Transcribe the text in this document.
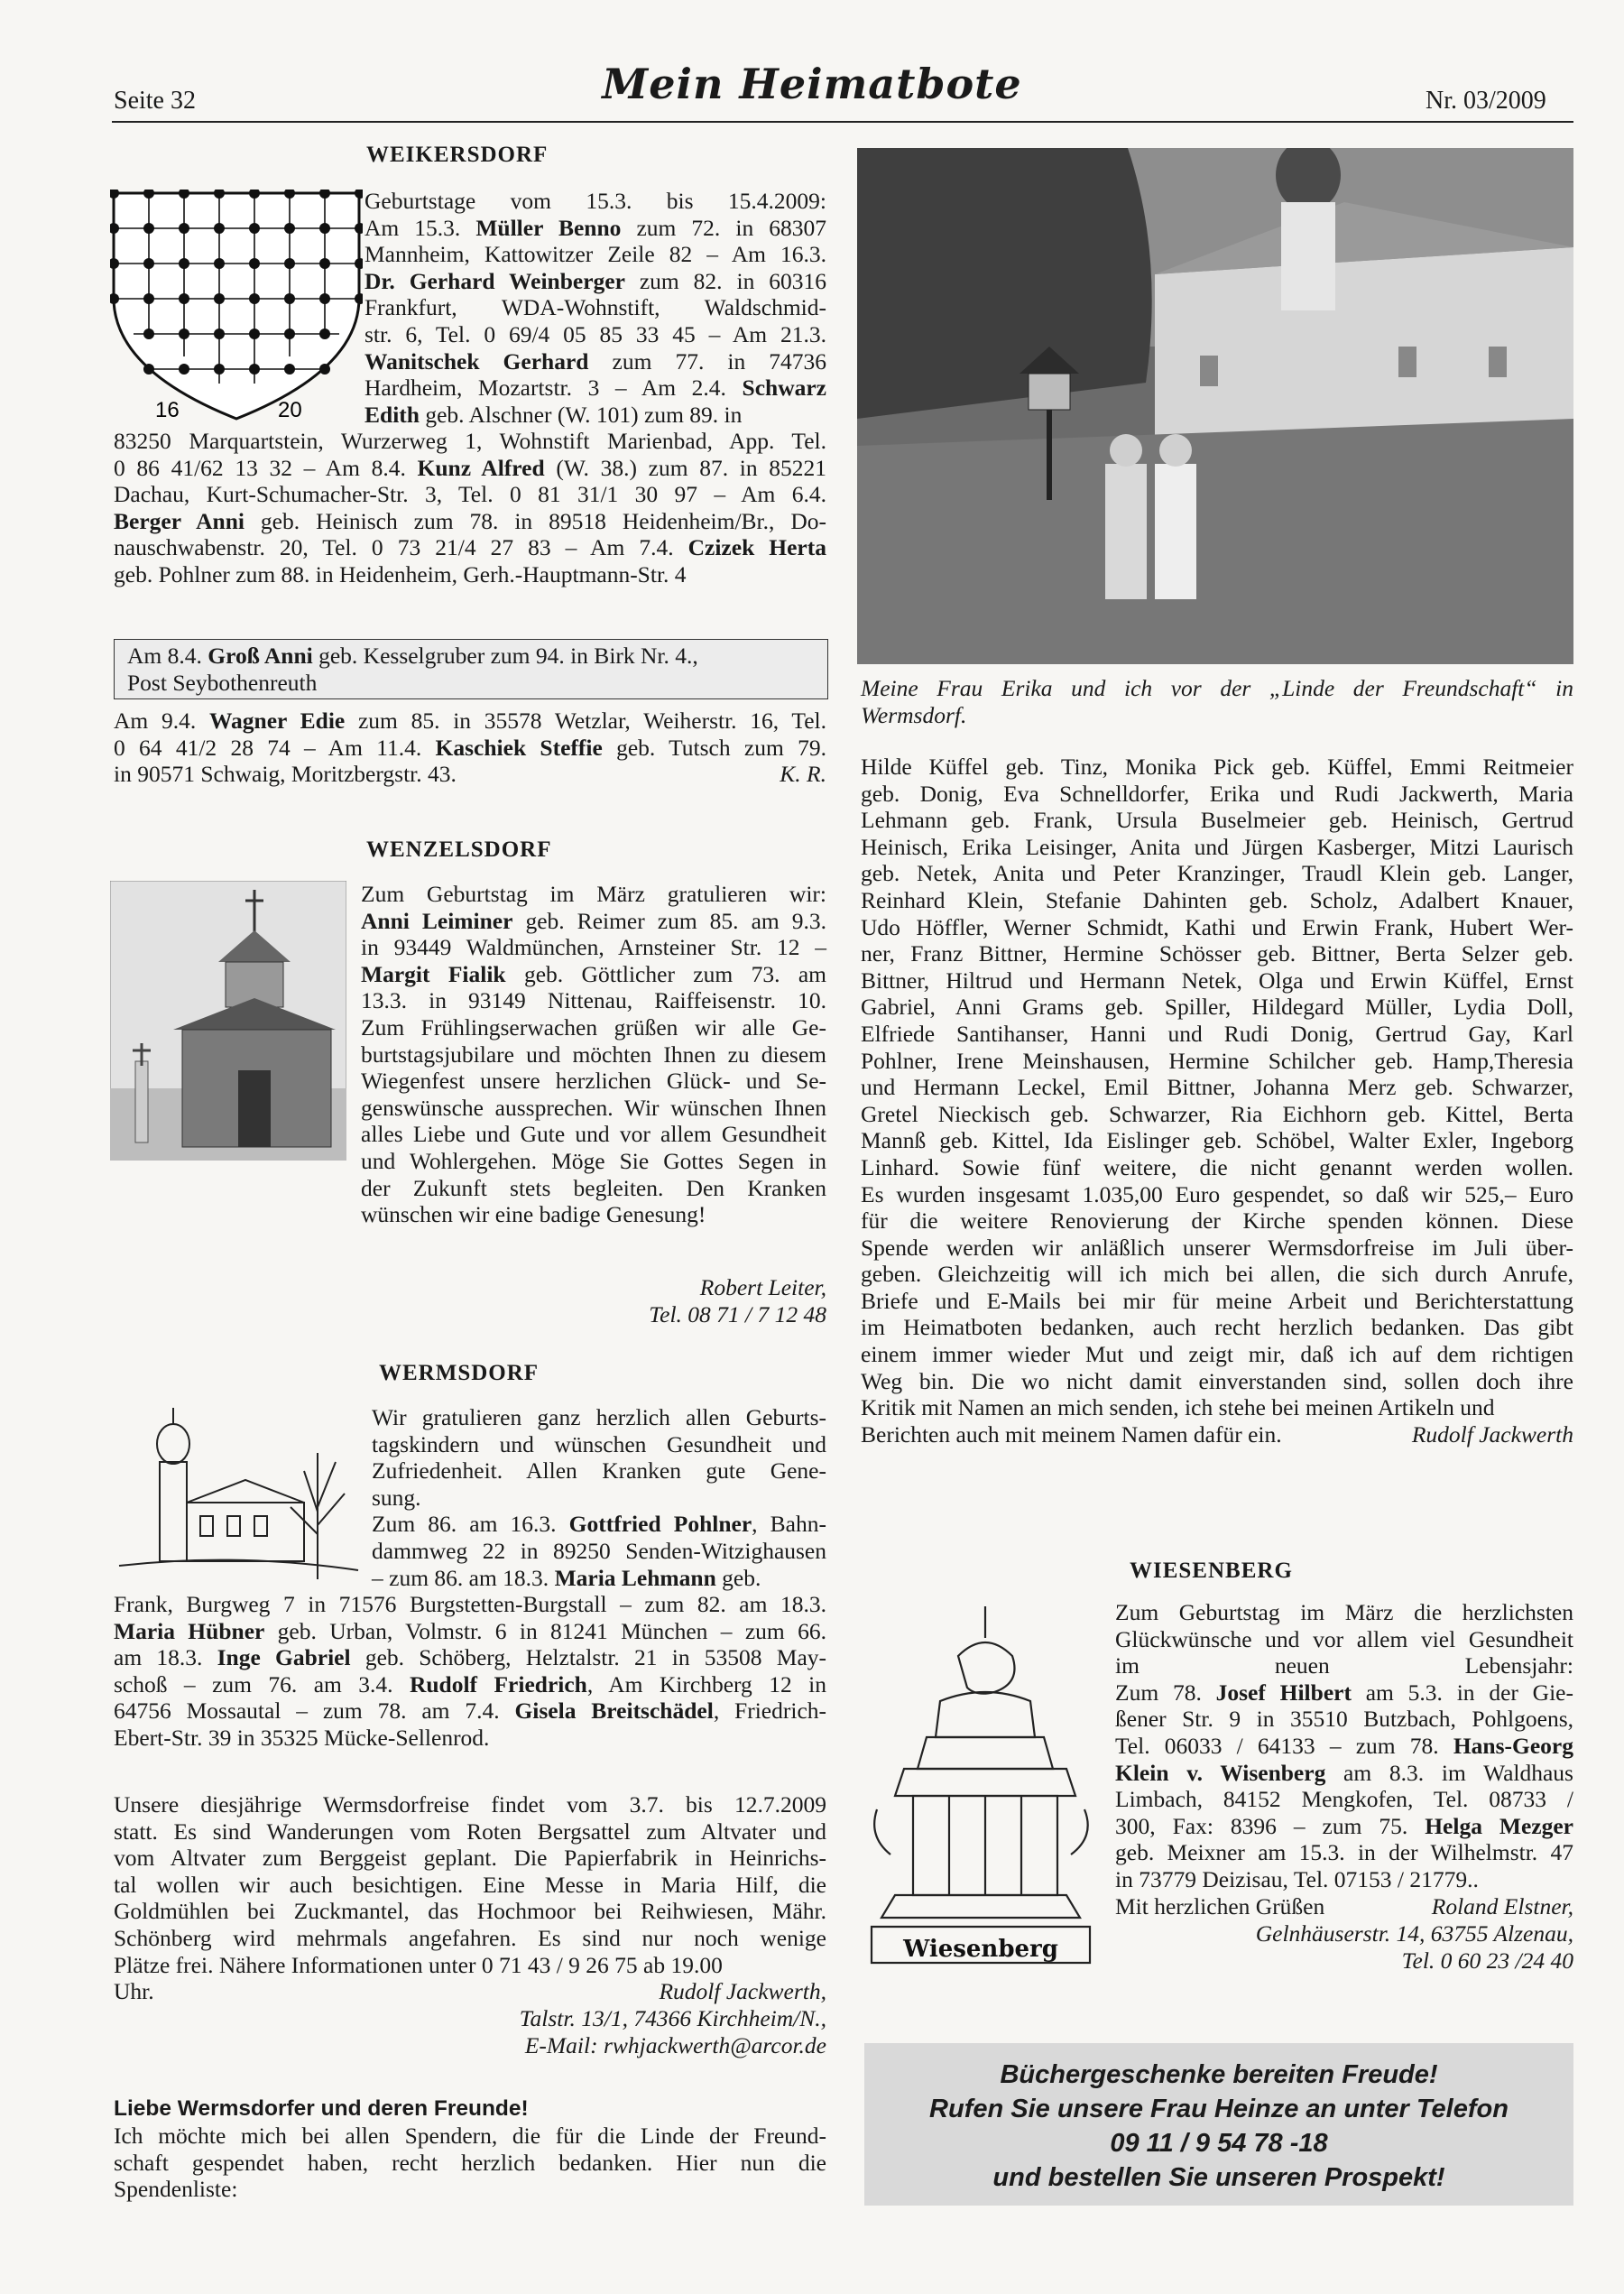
Seite 32	Mein Heimatbote	Nr. 03/2009
WEIKERSDORF
16	20
Geburtstage vom 15.3. bis 15.4.2009:
Am 15.3. Müller Benno zum 72. in 68307
Mannheim, Kattowitzer Zeile 82 – Am 16.3.
Dr. Gerhard Weinberger zum 82. in 60316
Frankfurt, WDA-Wohnstift, Waldschmid-
str. 6, Tel. 0 69/4 05 85 33 45 – Am 21.3.
Wanitschek Gerhard zum 77. in 74736
Hardheim, Mozartstr. 3 – Am 2.4. Schwarz
Edith geb. Alschner (W. 101) zum 89. in
83250 Marquartstein, Wurzerweg 1, Wohnstift Marienbad, App. Tel.
0 86 41/62 13 32 – Am 8.4. Kunz Alfred (W. 38.) zum 87. in 85221
Dachau, Kurt-Schumacher-Str. 3, Tel. 0 81 31/1 30 97 – Am 6.4.
Berger Anni geb. Heinisch zum 78. in 89518 Heidenheim/Br., Do-
nauschwabenstr. 20, Tel. 0 73 21/4 27 83 – Am 7.4. Czizek Herta
geb. Pohlner zum 88. in Heidenheim, Gerh.-Hauptmann-Str. 4
Am 8.4. Groß Anni geb. Kesselgruber zum 94. in Birk Nr. 4.,
Post Seybothenreuth
Am 9.4. Wagner Edie zum 85. in 35578 Wetzlar, Weiherstr. 16, Tel.
0 64 41/2 28 74 – Am 11.4. Kaschiek Steffie geb. Tutsch zum 79.
in 90571 Schwaig, Moritzbergstr. 43.	K. R.
WENZELSDORF
Zum Geburtstag im März gratulieren wir:
Anni Leiminer geb. Reimer zum 85. am 9.3.
in 93449 Waldmünchen, Arnsteiner Str. 12 –
Margit Fialik geb. Göttlicher zum 73. am
13.3. in 93149 Nittenau, Raiffeisenstr. 10.
Zum Frühlingserwachen grüßen wir alle Ge-
burtstagsjubilare und möchten Ihnen zu diesem
Wiegenfest unsere herzlichen Glück- und Se-
genswünsche aussprechen. Wir wünschen Ihnen
alles Liebe und Gute und vor allem Gesundheit
und Wohlergehen. Möge Sie Gottes Segen in
der Zukunft stets begleiten. Den Kranken
wünschen wir eine badige Genesung!
Robert Leiter,
Tel. 08 71 / 7 12 48
WERMSDORF
Wir gratulieren ganz herzlich allen Geburts-
tagskindern und wünschen Gesundheit und
Zufriedenheit. Allen Kranken gute Gene-
sung.
Zum 86. am 16.3. Gottfried Pohlner, Bahn-
dammweg 22 in 89250 Senden-Witzighausen
– zum 86. am 18.3. Maria Lehmann geb.
Frank, Burgweg 7 in 71576 Burgstetten-Burgstall – zum 82. am 18.3.
Maria Hübner geb. Urban, Volmstr. 6 in 81241 München – zum 66.
am 18.3. Inge Gabriel geb. Schöberg, Helztalstr. 21 in 53508 May-
schoß – zum 76. am 3.4. Rudolf Friedrich, Am Kirchberg 12 in
64756 Mossautal – zum 78. am 7.4. Gisela Breitschädel, Friedrich-
Ebert-Str. 39 in 35325 Mücke-Sellenrod.
Unsere diesjährige Wermsdorfreise findet vom 3.7. bis 12.7.2009
statt. Es sind Wanderungen vom Roten Bergsattel zum Altvater und
vom Altvater zum Berggeist geplant. Die Papierfabrik in Heinrichs-
tal wollen wir auch besichtigen. Eine Messe in Maria Hilf, die
Goldmühlen bei Zuckmantel, das Hochmoor bei Reihwiesen, Mähr.
Schönberg wird mehrmals angefahren. Es sind nur noch wenige
Plätze frei. Nähere Informationen unter 0 71 43 / 9 26 75 ab 19.00
Uhr.	Rudolf Jackwerth,
Talstr. 13/1, 74366 Kirchheim/N.,
E-Mail: rwhjackwerth@arcor.de
Liebe Wermsdorfer und deren Freunde!
Ich möchte mich bei allen Spendern, die für die Linde der Freund-
schaft gespendet haben, recht herzlich bedanken. Hier nun die
Spendenliste:
Meine Frau Erika und ich vor der „Linde der Freundschaft“ in
Wermsdorf.
Hilde Küffel geb. Tinz, Monika Pick geb. Küffel, Emmi Reitmeier
geb. Donig, Eva Schnelldorfer, Erika und Rudi Jackwerth, Maria
Lehmann geb. Frank, Ursula Buselmeier geb. Heinisch, Gertrud
Heinisch, Erika Leisinger, Anita und Jürgen Kasberger, Mitzi Laurisch
geb. Netek, Anita und Peter Kranzinger, Traudl Klein geb. Langer,
Reinhard Klein, Stefanie Dahinten geb. Scholz, Adalbert Knauer,
Udo Höffler, Werner Schmidt, Kathi und Erwin Frank, Hubert Wer-
ner, Franz Bittner, Hermine Schösser geb. Bittner, Berta Selzer geb.
Bittner, Hiltrud und Hermann Netek, Olga und Erwin Küffel, Ernst
Gabriel, Anni Grams geb. Spiller, Hildegard Müller, Lydia Doll,
Elfriede Santihanser, Hanni und Rudi Donig, Gertrud Gay, Karl
Pohlner, Irene Meinshausen, Hermine Schilcher geb. Hamp,Theresia
und Hermann Leckel, Emil Bittner, Johanna Merz geb. Schwarzer,
Gretel Nieckisch geb. Schwarzer, Ria Eichhorn geb. Kittel, Berta
Mannß geb. Kittel, Ida Eislinger geb. Schöbel, Walter Exler, Ingeborg
Linhard. Sowie fünf weitere, die nicht genannt werden wollen.
Es wurden insgesamt 1.035,00 Euro gespendet, so daß wir 525,– Euro
für die weitere Renovierung der Kirche spenden können. Diese
Spende werden wir anläßlich unserer Wermsdorfreise im Juli über-
geben. Gleichzeitig will ich mich bei allen, die sich durch Anrufe,
Briefe und E-Mails bei mir für meine Arbeit und Berichterstattung
im Heimatboten bedanken, auch recht herzlich bedanken. Das gibt
einem immer wieder Mut und zeigt mir, daß ich auf dem richtigen
Weg bin. Die wo nicht damit einverstanden sind, sollen doch ihre
Kritik mit Namen an mich senden, ich stehe bei meinen Artikeln und
Berichten auch mit meinem Namen dafür ein.	Rudolf Jackwerth
WIESENBERG
Wiesenberg
Zum Geburtstag im März die herzlichsten
Glückwünsche und vor allem viel Gesundheit
im neuen Lebensjahr:
Zum 78. Josef Hilbert am 5.3. in der Gie-
ßener Str. 9 in 35510 Butzbach, Pohlgoens,
Tel. 06033 / 64133 – zum 78. Hans-Georg
Klein v. Wisenberg am 8.3. im Waldhaus
Limbach, 84152 Mengkofen, Tel. 08733 /
300, Fax: 8396 – zum 75. Helga Mezger
geb. Meixner am 15.3. in der Wilhelmstr. 47
in 73779 Deizisau, Tel. 07153 / 21779..
Mit herzlichen Grüßen	Roland Elstner,
Gelnhäuserstr. 14, 63755 Alzenau,
Tel. 0 60 23 /24 40
Büchergeschenke bereiten Freude!
Rufen Sie unsere Frau Heinze an unter Telefon
09 11 / 9 54 78 -18
und bestellen Sie unseren Prospekt!
